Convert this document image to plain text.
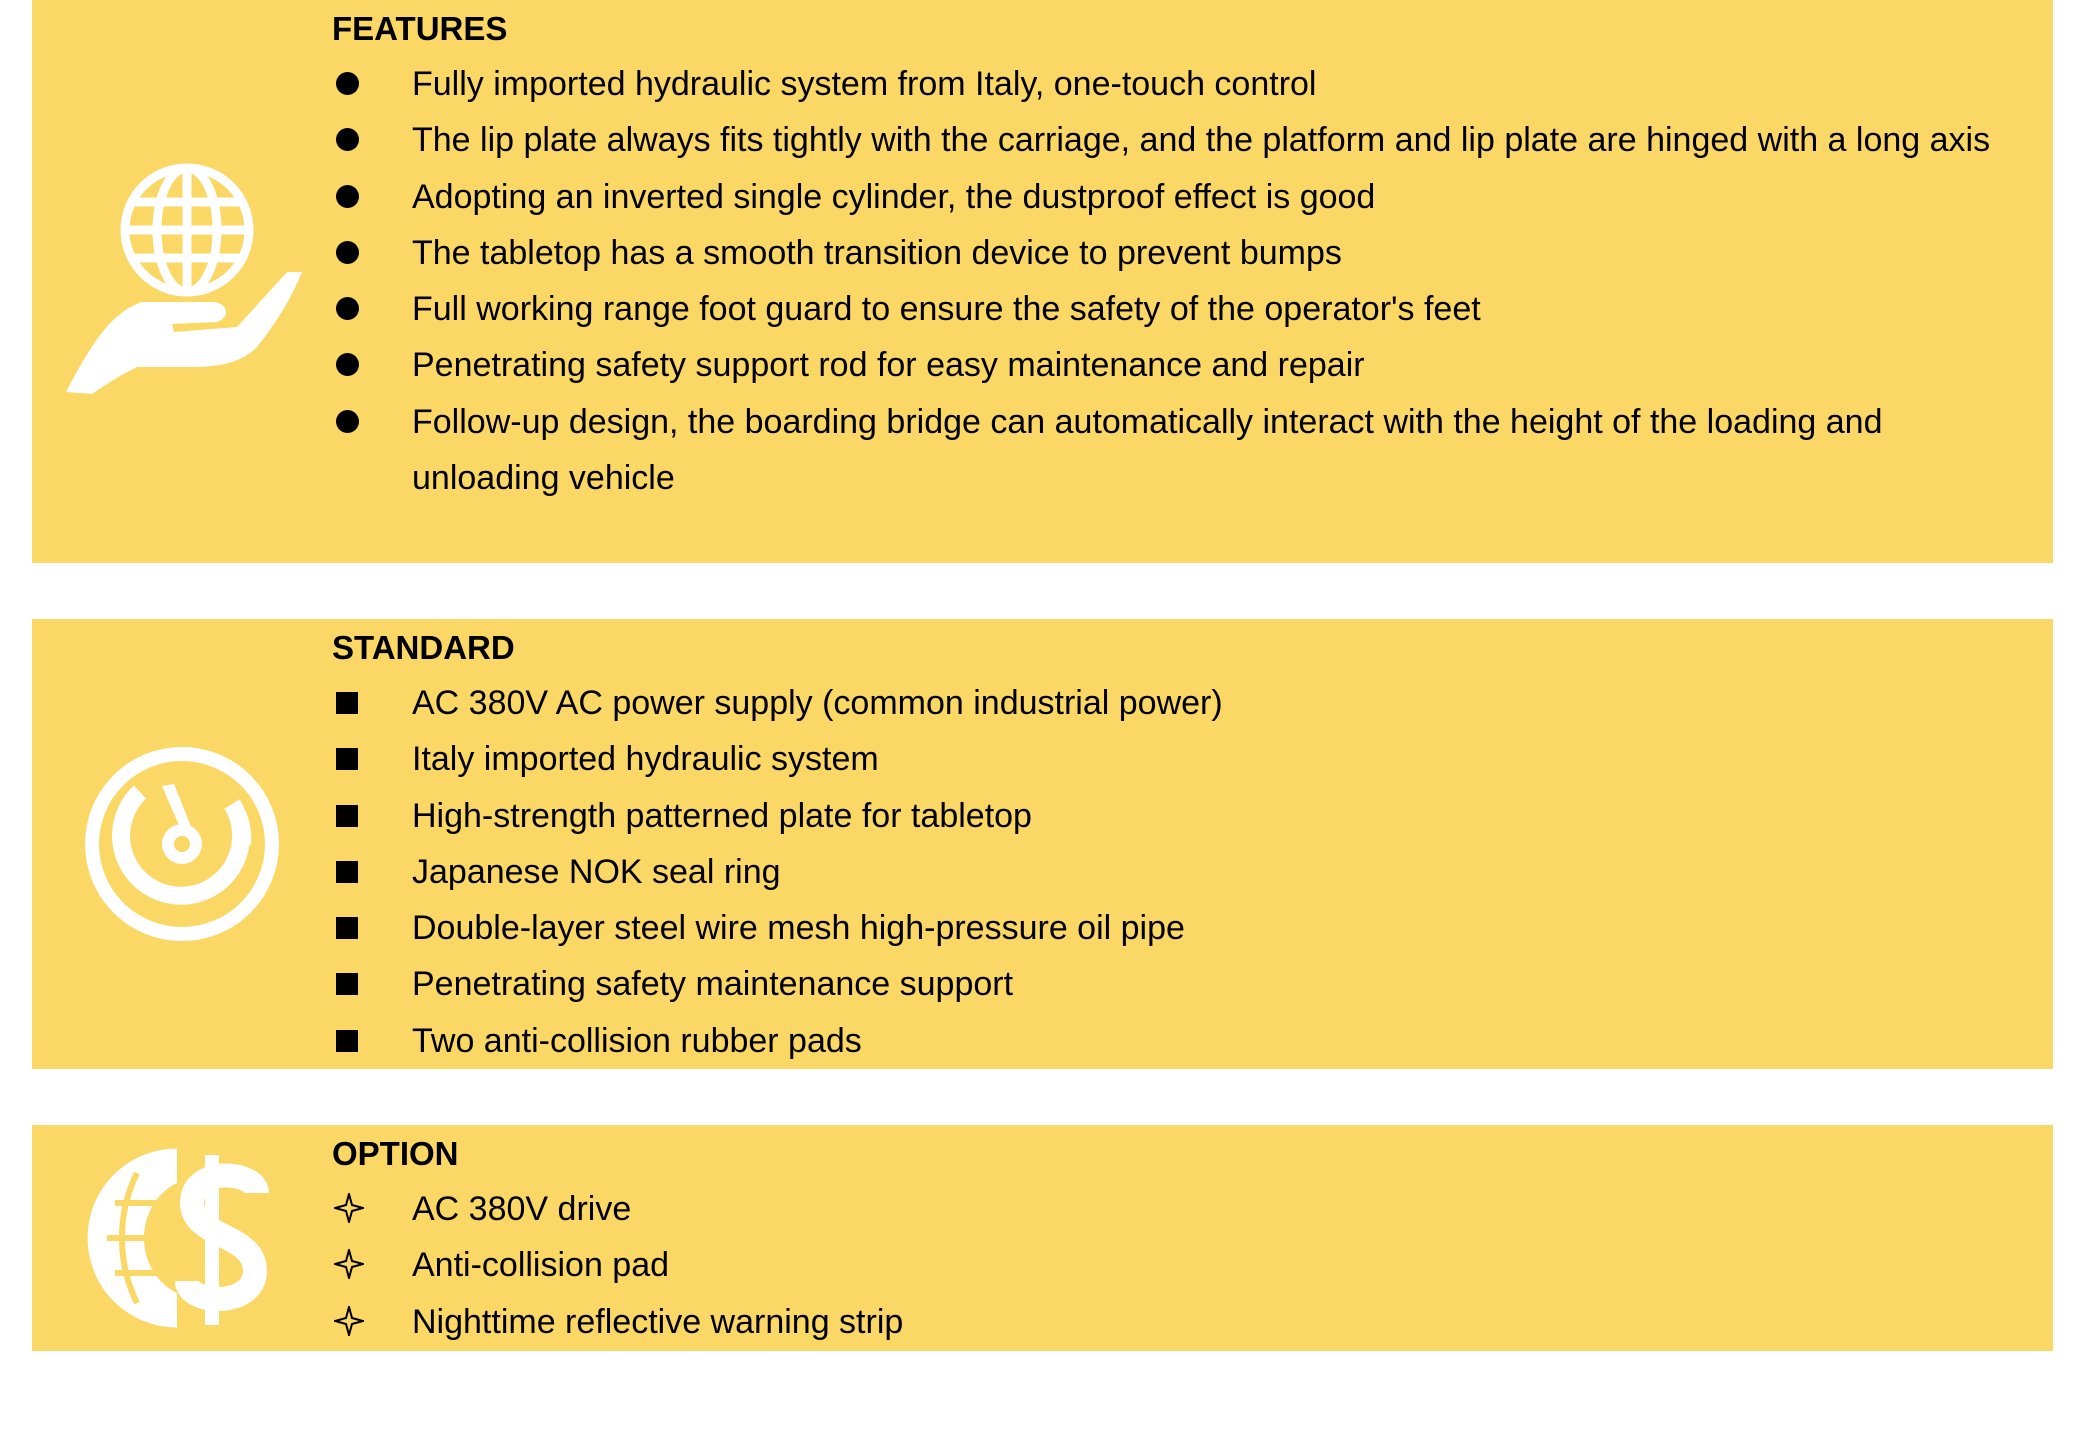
FEATURES
Fully imported hydraulic system from Italy, one-touch control
The lip plate always fits tightly with the carriage, and the platform and lip plate are hinged with a long axis
Adopting an inverted single cylinder, the dustproof effect is good
The tabletop has a smooth transition device to prevent bumps
Full working range foot guard to ensure the safety of the operator's feet
Penetrating safety support rod for easy maintenance and repair
Follow-up design, the boarding bridge can automatically interact with the height of the loading and unloading vehicle
STANDARD
AC 380V AC power supply (common industrial power)
Italy imported hydraulic system
High-strength patterned plate for tabletop
Japanese NOK seal ring
Double-layer steel wire mesh high-pressure oil pipe
Penetrating safety maintenance support
Two anti-collision rubber pads
OPTION
AC 380V drive
Anti-collision pad
Nighttime reflective warning strip
